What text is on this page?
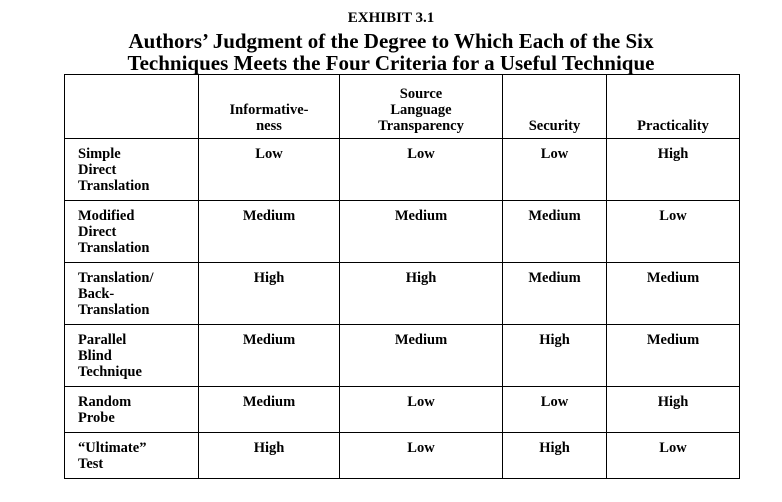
EXHIBIT 3.1
Authors’ Judgment of the Degree to Which Each of the Six
Techniques Meets the Four Criteria for a Useful Technique
	Informative-
ness	Source
Language
Transparency	Security	Practicality
Simple
Direct
Translation	Low	Low	Low	High
Modified
Direct
Translation	Medium	Medium	Medium	Low
Translation/
Back-
Translation	High	High	Medium	Medium
Parallel
Blind
Technique	Medium	Medium	High	Medium
Random
Probe	Medium	Low	Low	High
“Ultimate”
Test	High	Low	High	Low
